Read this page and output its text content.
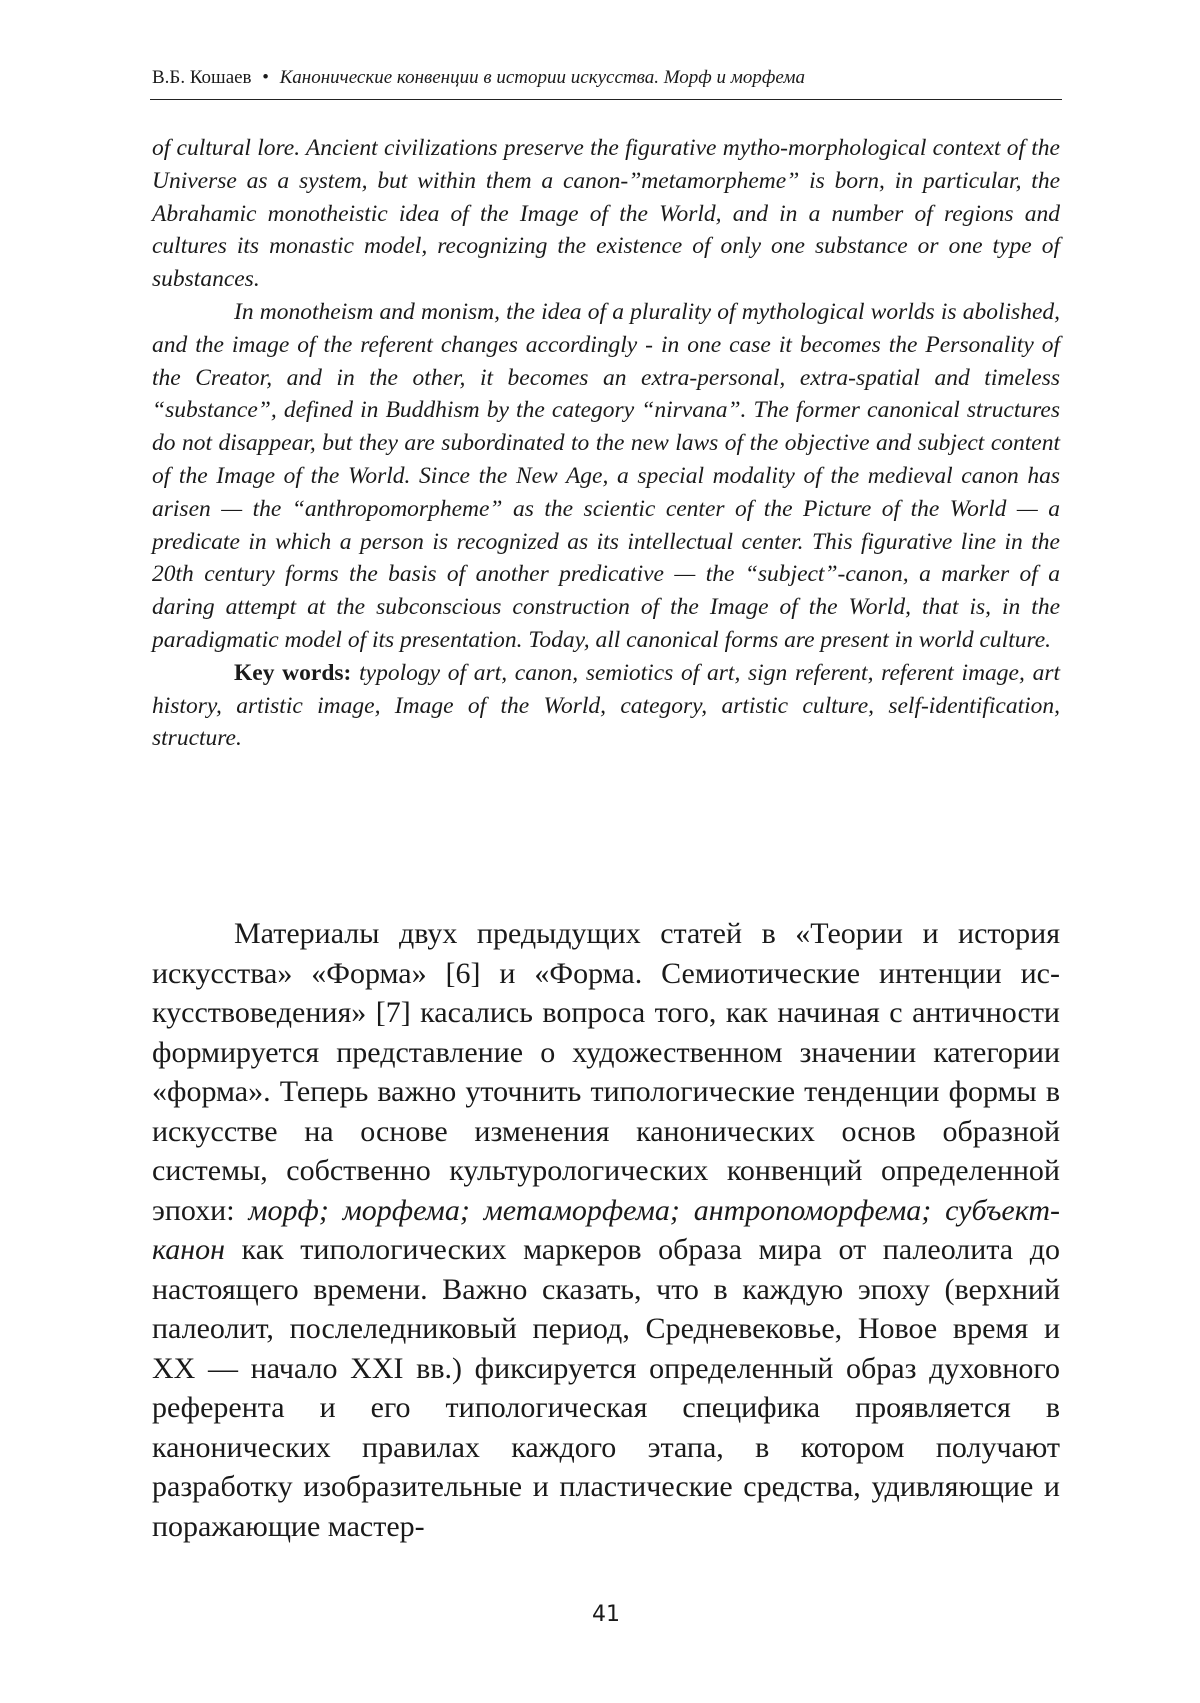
В.Б. Кошаев • Канонические конвенции в истории искусства. Морф и морфема

of cultural lore. Ancient civilizations preserve the figurative mytho-morphological context of the Universe as a system, but within them a canon-”metamorpheme” is born, in particular, the Abrahamic monotheistic idea of the Image of the World, and in a number of regions and cultures its monastic model, recognizing the existence of only one substance or one type of substances.

In monotheism and monism, the idea of a plurality of mythological worlds is abolished, and the image of the referent changes accordingly - in one case it becomes the Personality of the Creator, and in the other, it becomes an extra-personal, extra-spatial and timeless “substance”, defined in Buddhism by the category “nirvana”. The former canonical structures do not disappear, but they are subordinated to the new laws of the objective and subject content of the Image of the World. Since the New Age, a special modality of the medieval canon has arisen — the “anthropomorpheme” as the scientic center of the Picture of the World — a predicate in which a person is recognized as its intellectual center. This figurative line in the 20th century forms the basis of another predicative — the “subject”-canon, a marker of a daring attempt at the subconscious construction of the Image of the World, that is, in the paradigmatic model of its presentation. Today, all canonical forms are present in world culture.

Key words: typology of art, canon, semiotics of art, sign referent, referent image, art history, artistic image, Image of the World, category, artistic culture, self-identification, structure.

Материалы двух предыдущих статей в «Теории и история искусства» «Форма» [6] и «Форма. Семиотические интенции искусствоведения» [7] касались вопроса того, как начиная с античности формируется представление о художественном значении категории «форма». Теперь важно уточнить типологические тенденции формы в искусстве на основе изменения канонических основ образной системы, собственно культурологических конвенций определенной эпохи: морф; морфема; метаморфема; антропоморфема; субъект-канон как типологических маркеров образа мира от палеолита до настоящего времени. Важно сказать, что в каждую эпоху (верхний палеолит, послеледниковый период, Средневековье, Новое время и XX — начало XXI вв.) фиксируется определенный образ духовного референта и его типологическая специфика проявляется в канонических правилах каждого этапа, в котором получают разработку изобразительные и пластические средства, удивляющие и поражающие мастер-

41
